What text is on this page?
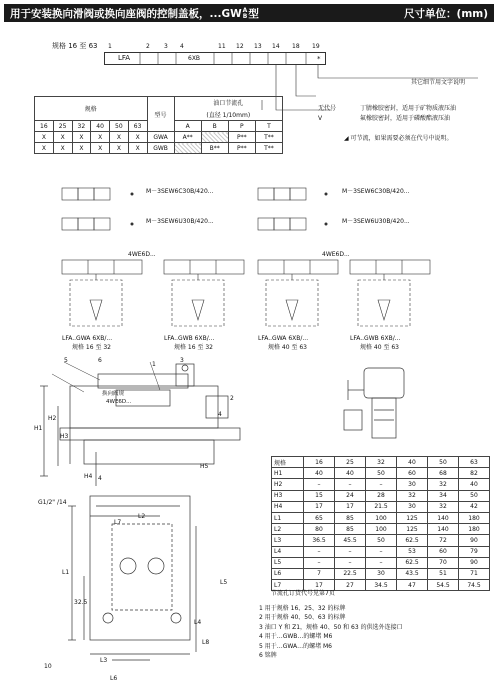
用于安装换向滑阀或换向座阀的控制盖板，...GWA
B型	尺寸单位：(mm)
规格 16 至 63 1	2 3 4	11 12 13 14 18 19
LFA	6XB	*
其它细节用文字说明
无代号	丁腈橡胶密封，适用于矿物质液压油
V	氟橡胶密封，适用于磷酸酯液压油
◢ 可节流，如果需要必须在代号中说明。
规格						型号	油口节流孔			
							(直径 1/10mm)			
16	25	32	40	50	63		A	B	P	T
X	X	X	X	X	X	GWA	A**		P**	T**
X	X	X	X	X	X	GWB		B**	P**	T**
M－3SEW6C30B/420...
M－3SEW6U30B/420...
M－3SEW6C30B/420...
M－3SEW6U30B/420...
4WE6D...	4WE6D...
LFA..GWA 6XB/...
规格 16 至 32
LFA..GWB 6XB/...
规格 16 至 32
LFA..GWA 6XB/...
规格 40 至 63
LFA..GWB 6XB/...
规格 40 至 63
换向阀规
4WE6D...
5	6	3
1
2
4
H1
H2
H3
H4
H5
L1
L2
L3
L4
L5
L6
L7
L8
4
10
32.5
G1/2" /14
规格	16	25	32	40	50	63
H1	40	40	50	60	68	82
H2	–	–	–	30	32	40
H3	15	24	28	32	34	50
H4	17	17	21.5	30	32	42
L1	65	85	100	125	140	180
L2	80	85	100	125	140	180
L3	36.5	45.5	50	62.5	72	90
L4	–	–	–	53	60	79
L5	–	–	–	62.5	70	90
L6	7	22.5	30	43.5	51	71
L7	17	27	34.5	47	54.5	74.5
节流孔订货代号见第7页
1 用于规格 16、25、32 的标牌
2 用于规格 40、50、63 的标牌
3 油口 Y 和 Z1，规格 40、50 和 63 的供选外连接口
4 用于…GWB…的螺堵 M6
5 用于…GWA…的螺堵 M6
6 铭牌
